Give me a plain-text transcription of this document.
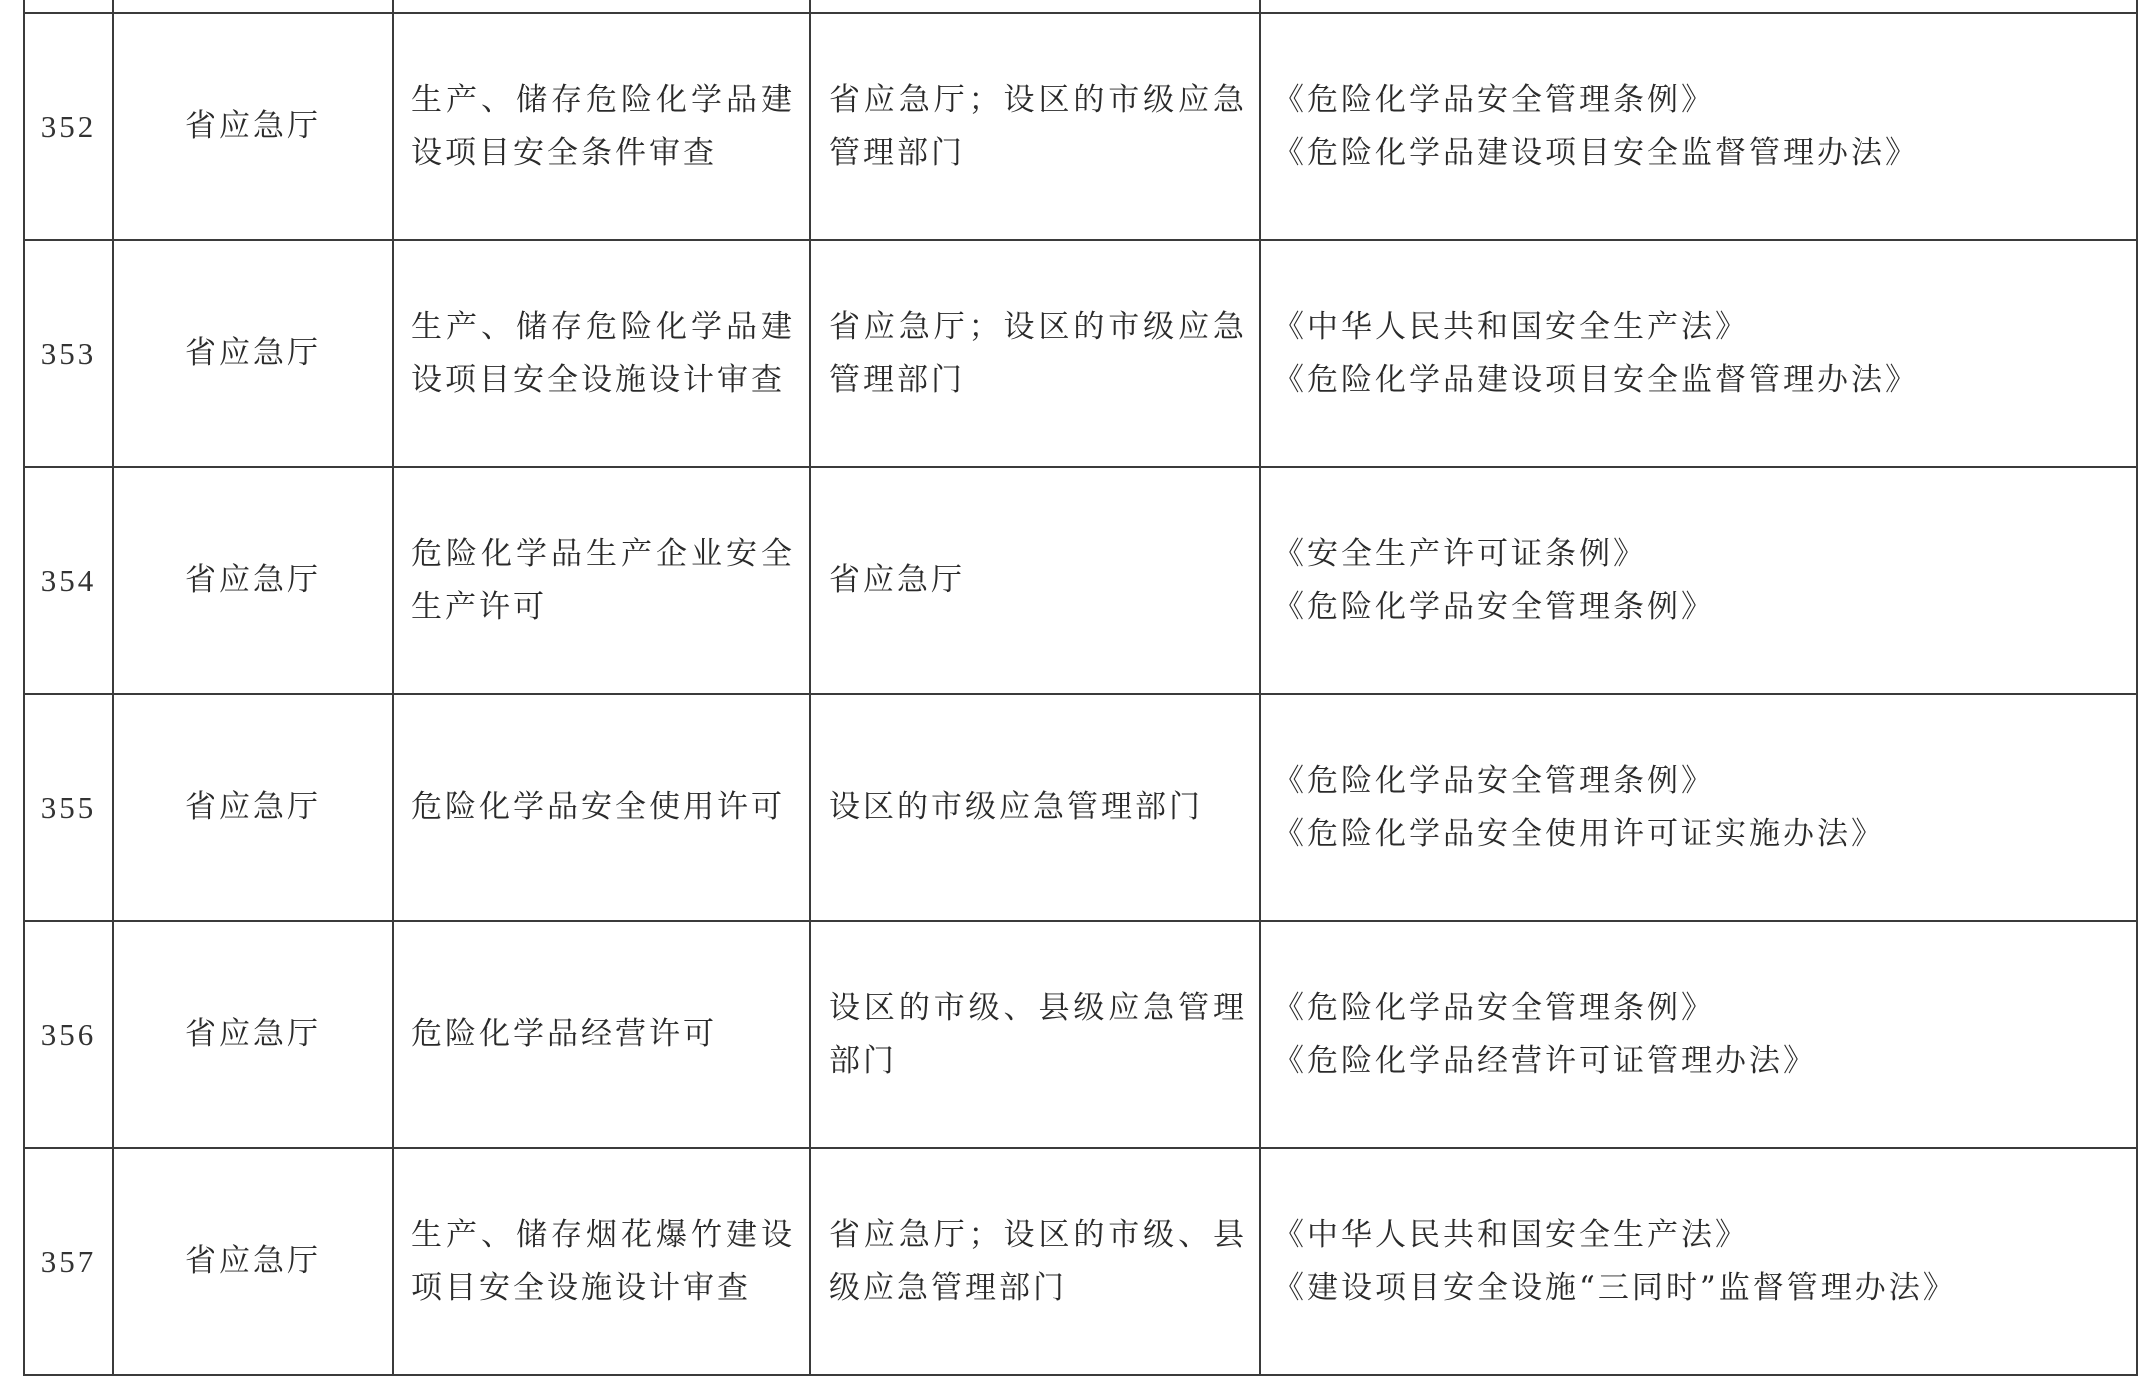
352	省应急厅	生产、储存危险化学品建设项目安全条件审查	省应急厅；设区的市级应急管理部门	《危险化学品安全管理条例》
《危险化学品建设项目安全监督管理办法》

353	省应急厅	生产、储存危险化学品建设项目安全设施设计审查	省应急厅；设区的市级应急管理部门	《中华人民共和国安全生产法》
《危险化学品建设项目安全监督管理办法》

354	省应急厅	危险化学品生产企业安全生产许可	省应急厅	《安全生产许可证条例》
《危险化学品安全管理条例》

355	省应急厅	危险化学品安全使用许可	设区的市级应急管理部门	《危险化学品安全管理条例》
《危险化学品安全使用许可证实施办法》

356	省应急厅	危险化学品经营许可	设区的市级、县级应急管理部门	《危险化学品安全管理条例》
《危险化学品经营许可证管理办法》

357	省应急厅	生产、储存烟花爆竹建设项目安全设施设计审查	省应急厅；设区的市级、县级应急管理部门	《中华人民共和国安全生产法》
《建设项目安全设施“三同时”监督管理办法》
